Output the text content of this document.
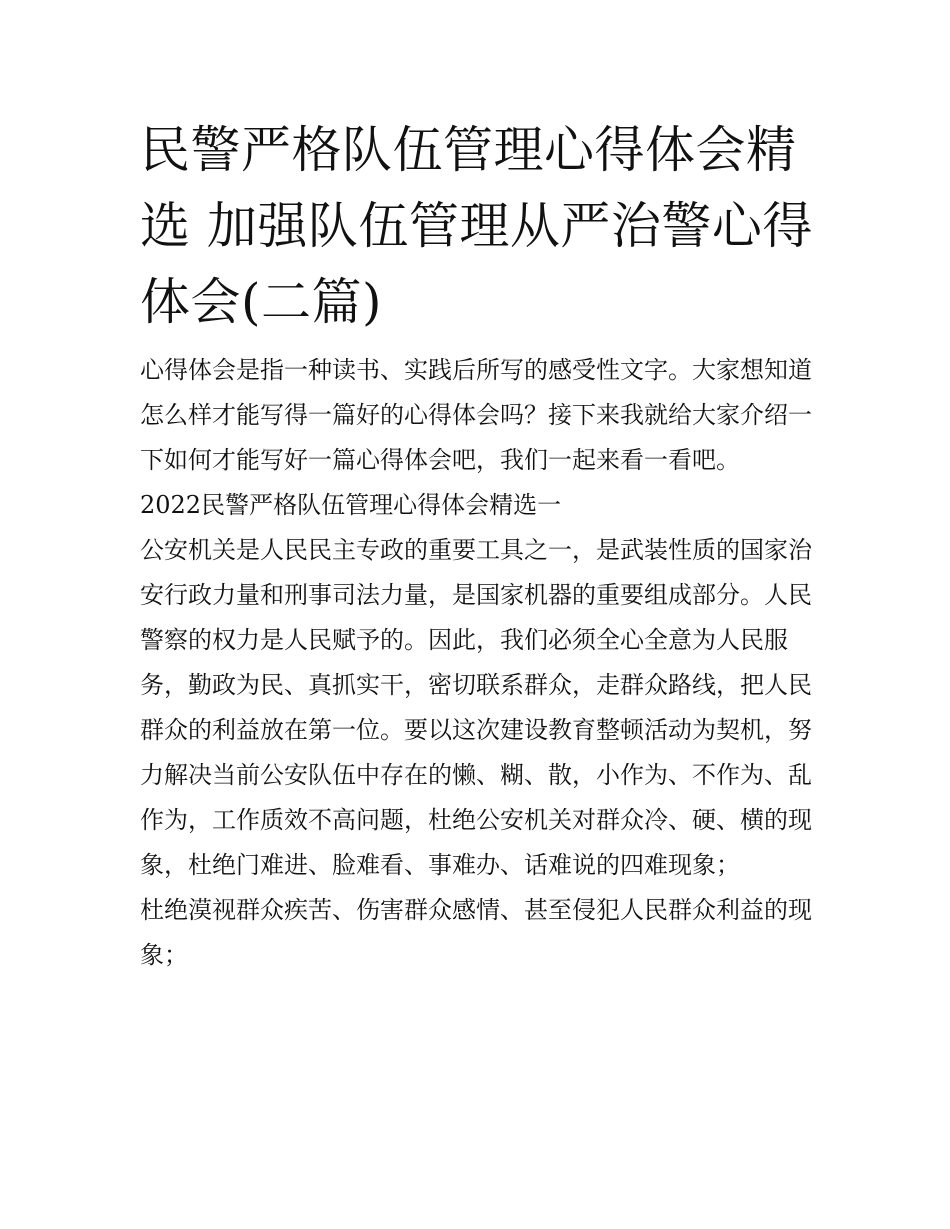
民警严格队伍管理心得体会精选 加强队伍管理从严治警心得体会(二篇)

心得体会是指一种读书、实践后所写的感受性文字。大家想知道怎么样才能写得一篇好的心得体会吗？接下来我就给大家介绍一下如何才能写好一篇心得体会吧，我们一起来看一看吧。

2022民警严格队伍管理心得体会精选一

公安机关是人民民主专政的重要工具之一，是武装性质的国家治安行政力量和刑事司法力量，是国家机器的重要组成部分。人民警察的权力是人民赋予的。因此，我们必须全心全意为人民服务，勤政为民、真抓实干，密切联系群众，走群众路线，把人民群众的利益放在第一位。要以这次建设教育整顿活动为契机，努力解决当前公安队伍中存在的懒、糊、散，小作为、不作为、乱作为，工作质效不高问题，杜绝公安机关对群众冷、硬、横的现象，杜绝门难进、脸难看、事难办、话难说的四难现象；

杜绝漠视群众疾苦、伤害群众感情、甚至侵犯人民群众利益的现象；
